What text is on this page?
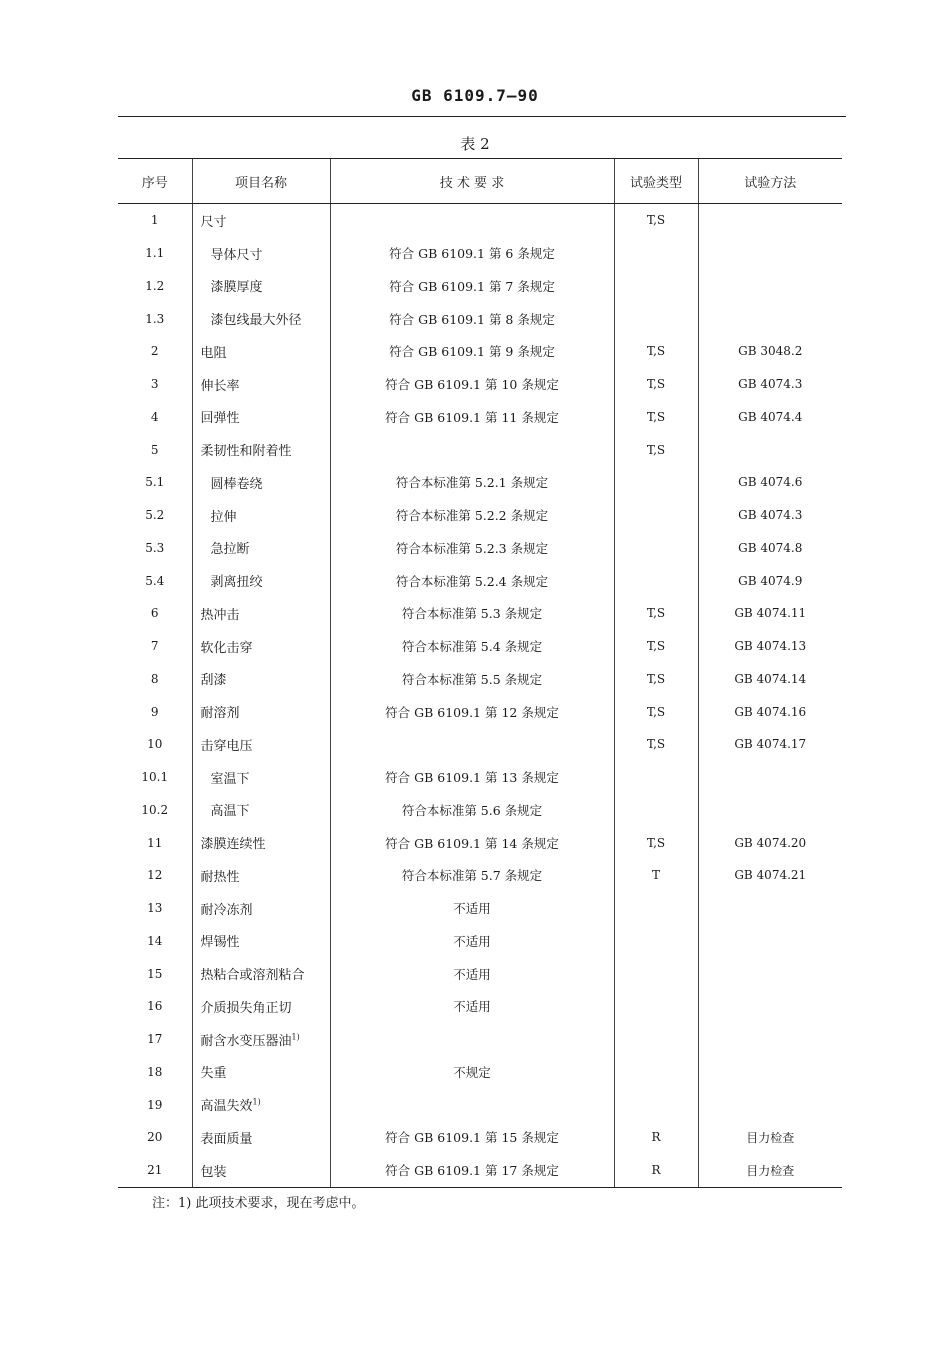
GB 6109.7—90
表 2
序号	项目名称	技 术 要 求	试验类型	试验方法
1	尺寸		T,S	
1.1	导体尺寸	符合 GB 6109.1 第 6 条规定		
1.2	漆膜厚度	符合 GB 6109.1 第 7 条规定		
1.3	漆包线最大外径	符合 GB 6109.1 第 8 条规定		
2	电阻	符合 GB 6109.1 第 9 条规定	T,S	GB 3048.2
3	伸长率	符合 GB 6109.1 第 10 条规定	T,S	GB 4074.3
4	回弹性	符合 GB 6109.1 第 11 条规定	T,S	GB 4074.4
5	柔韧性和附着性		T,S	
5.1	圆棒卷绕	符合本标准第 5.2.1 条规定		GB 4074.6
5.2	拉伸	符合本标准第 5.2.2 条规定		GB 4074.3
5.3	急拉断	符合本标准第 5.2.3 条规定		GB 4074.8
5.4	剥离扭绞	符合本标准第 5.2.4 条规定		GB 4074.9
6	热冲击	符合本标准第 5.3 条规定	T,S	GB 4074.11
7	软化击穿	符合本标准第 5.4 条规定	T,S	GB 4074.13
8	刮漆	符合本标准第 5.5 条规定	T,S	GB 4074.14
9	耐溶剂	符合 GB 6109.1 第 12 条规定	T,S	GB 4074.16
10	击穿电压		T,S	GB 4074.17
10.1	室温下	符合 GB 6109.1 第 13 条规定		
10.2	高温下	符合本标准第 5.6 条规定		
11	漆膜连续性	符合 GB 6109.1 第 14 条规定	T,S	GB 4074.20
12	耐热性	符合本标准第 5.7 条规定	T	GB 4074.21
13	耐冷冻剂	不适用		
14	焊锡性	不适用		
15	热粘合或溶剂粘合	不适用		
16	介质损失角正切	不适用		
17	耐含水变压器油$^{1)}$			
18	失重	不规定		
19	高温失效$^{1)}$			
20	表面质量	符合 GB 6109.1 第 15 条规定	R	目力检查
21	包装	符合 GB 6109.1 第 17 条规定	R	目力检查
注：1) 此项技术要求，现在考虑中。
